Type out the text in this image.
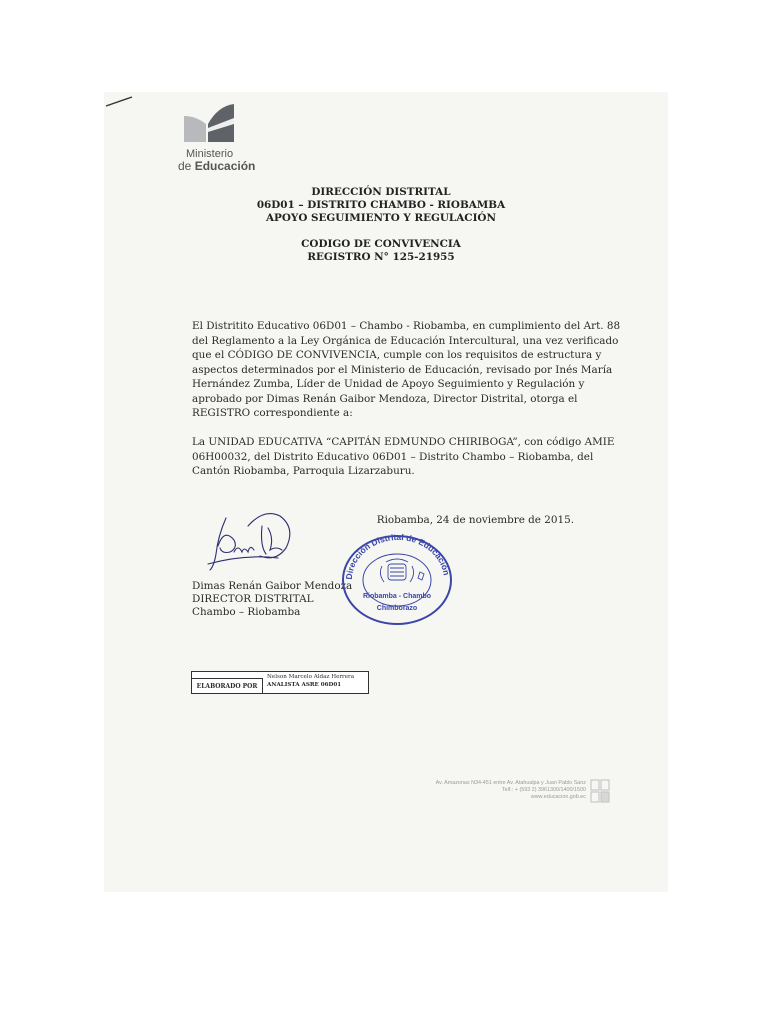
Ministerio
de Educación
DIRECCIÓN DISTRITAL
06D01 – DISTRITO CHAMBO - RIOBAMBA
APOYO SEGUIMIENTO Y REGULACIÓN
CODIGO DE CONVIVENCIA
REGISTRO N° 125-21955
El Distritito Educativo 06D01 – Chambo - Riobamba, en cumplimiento del Art. 88
del Reglamento a la Ley Orgánica de Educación Intercultural, una vez verificado
que el CÓDIGO DE CONVIVENCIA, cumple con los requisitos de estructura y
aspectos determinados por el Ministerio de Educación, revisado por Inés María
Hernández Zumba, Líder de Unidad de Apoyo Seguimiento y Regulación y
aprobado por Dimas Renán Gaibor Mendoza, Director Distrital, otorga el
REGISTRO correspondiente a:
La UNIDAD EDUCATIVA “CAPITÁN EDMUNDO CHIRIBOGA”, con código AMIE
06H00032, del Distrito Educativo 06D01 – Distrito Chambo – Riobamba, del
Cantón Riobamba, Parroquia Lizarzaburu.
Riobamba, 24 de noviembre de 2015.
Dimas Renán Gaibor Mendoza
DIRECTOR DISTRITAL
Chambo – Riobamba
Dirección Distrital de Educación
Riobamba - Chambo
Chimborazo
ELABORADO POR
Nelson Marcelo Aldaz Herrera
ANALISTA ASRE 06D01
Av. Amazonas N34-451 entre Av. Atahualpa y Juan Pablo Sanz
Telf.: + (593 2) 3961300/1400/1500
www.educacion.gob.ec
